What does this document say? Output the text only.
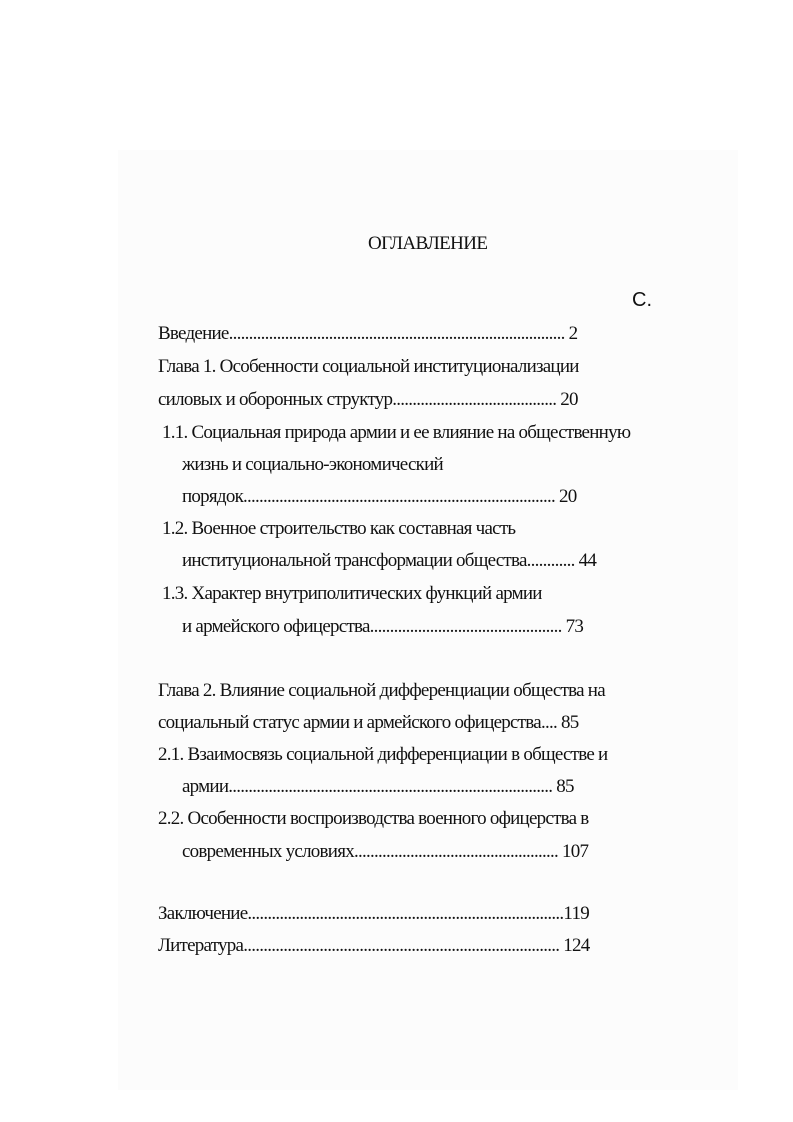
ОГЛАВЛЕНИЕ
С.
Введение.................................................................................... 2
Глава 1. Особенности социальной институционализации
силовых и оборонных структур......................................... 20
1.1. Социальная природа армии и ее влияние на общественную
жизнь и социально-экономический
порядок.............................................................................. 20
1.2. Военное строительство как составная часть
институциональной трансформации общества............ 44
1.3. Характер внутриполитических функций армии
и армейского офицерства................................................ 73
Глава 2. Влияние социальной дифференциации общества на
социальный статус армии и армейского офицерства.... 85
2.1. Взаимосвязь социальной дифференциации в обществе и
армии................................................................................. 85
2.2. Особенности воспроизводства военного офицерства в
современных условиях................................................... 107
Заключение...............................................................................119
Литература............................................................................... 124
